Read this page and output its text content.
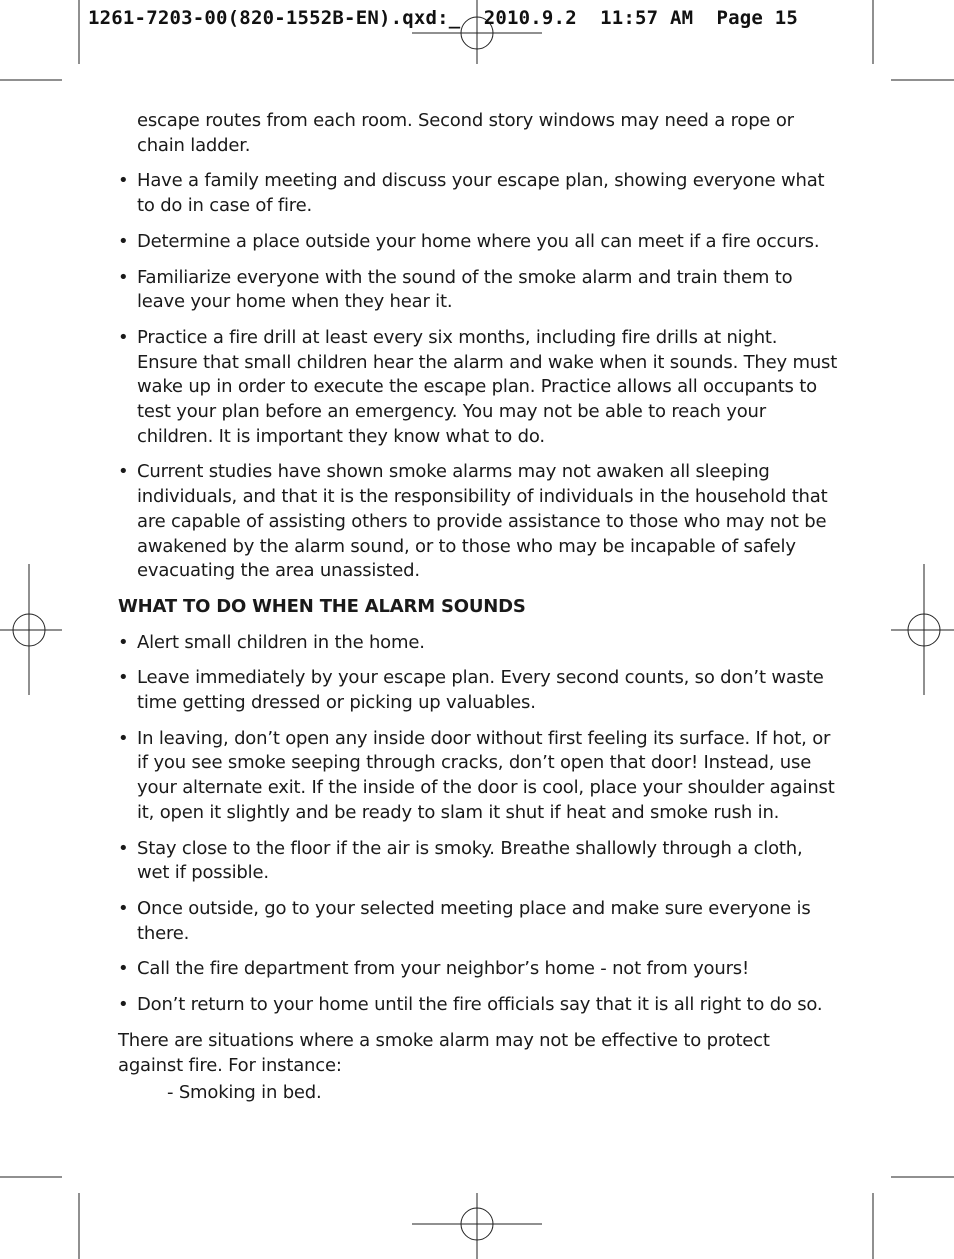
1261-7203-00(820-1552B-EN).qxd:_  2010.9.2  11:57 AM  Page 15

escape routes from each room. Second story windows may need a rope or chain ladder.

• Have a family meeting and discuss your escape plan, showing everyone what to do in case of fire.
• Determine a place outside your home where you all can meet if a fire occurs.
• Familiarize everyone with the sound of the smoke alarm and train them to leave your home when they hear it.
• Practice a fire drill at least every six months, including fire drills at night. Ensure that small children hear the alarm and wake when it sounds. They must wake up in order to execute the escape plan. Practice allows all occupants to test your plan before an emergency. You may not be able to reach your children. It is important they know what to do.
• Current studies have shown smoke alarms may not awaken all sleeping individuals, and that it is the responsibility of individuals in the household that are capable of assisting others to provide assistance to those who may not be awakened by the alarm sound, or to those who may be incapable of safely evacuating the area unassisted.
WHAT TO DO WHEN THE ALARM SOUNDS
• Alert small children in the home.
• Leave immediately by your escape plan. Every second counts, so don’t waste time getting dressed or picking up valuables.
• In leaving, don’t open any inside door without first feeling its surface. If hot, or if you see smoke seeping through cracks, don’t open that door! Instead, use your alternate exit. If the inside of the door is cool, place your shoulder against it, open it slightly and be ready to slam it shut if heat and smoke rush in.
• Stay close to the floor if the air is smoky. Breathe shallowly through a cloth, wet if possible.
• Once outside, go to your selected meeting place and make sure everyone is there.
• Call the fire department from your neighbor’s home - not from yours!
• Don’t return to your home until the fire officials say that it is all right to do so.

There are situations where a smoke alarm may not be effective to protect against fire. For instance:

- Smoking in bed.
